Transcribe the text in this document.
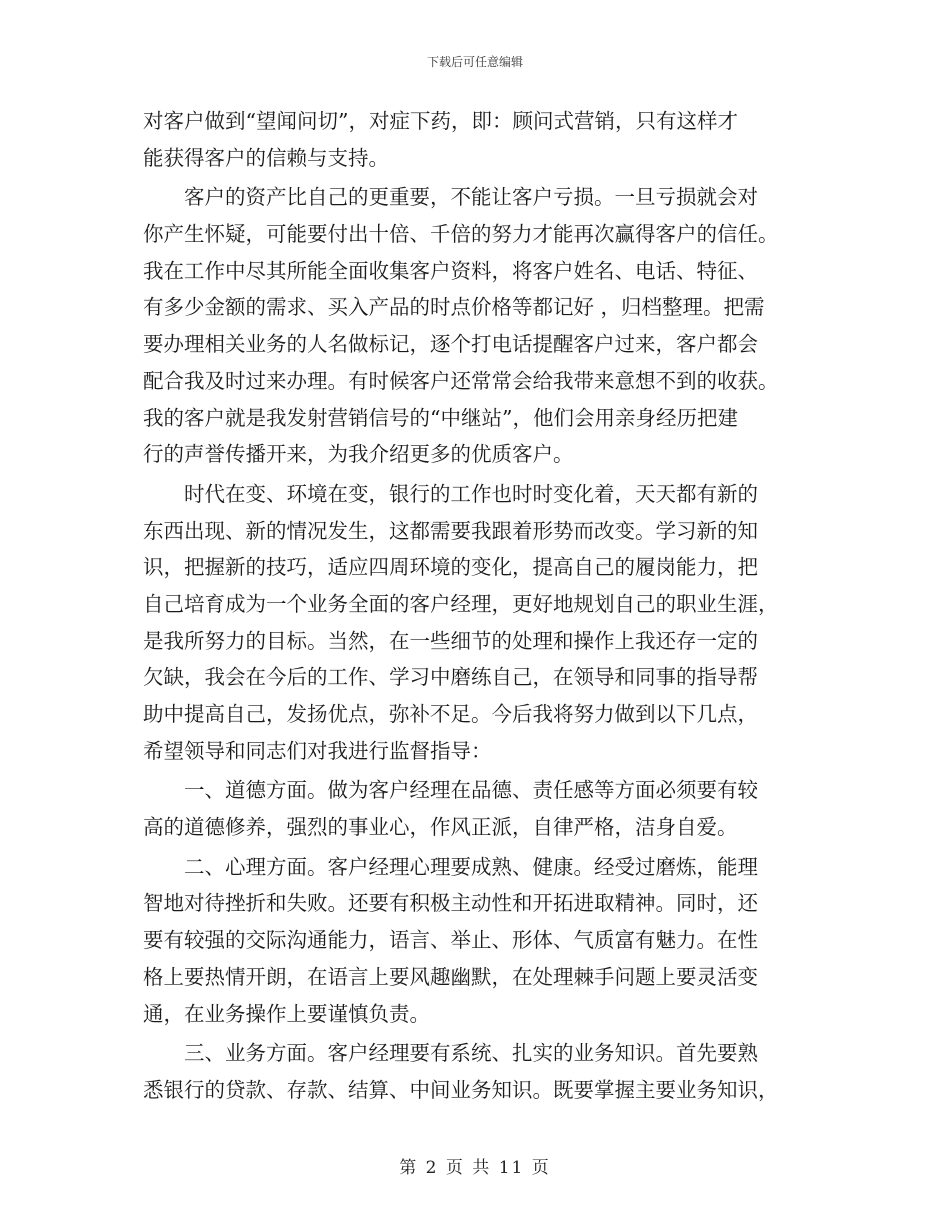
下载后可任意编辑
对客户做到“望闻问切”，对症下药，即：顾问式营销，只有这样才
能获得客户的信赖与支持。
客户的资产比自己的更重要，不能让客户亏损。一旦亏损就会对
你产生怀疑，可能要付出十倍、千倍的努力才能再次赢得客户的信任。
我在工作中尽其所能全面收集客户资料，将客户姓名、电话、特征、
有多少金额的需求、买入产品的时点价格等都记好 ，归档整理。把需
要办理相关业务的人名做标记，逐个打电话提醒客户过来，客户都会
配合我及时过来办理。有时候客户还常常会给我带来意想不到的收获。
我的客户就是我发射营销信号的“中继站”，他们会用亲身经历把建
行的声誉传播开来，为我介绍更多的优质客户。
时代在变、环境在变，银行的工作也时时变化着，天天都有新的
东西出现、新的情况发生，这都需要我跟着形势而改变。学习新的知
识，把握新的技巧，适应四周环境的变化，提高自己的履岗能力，把
自己培育成为一个业务全面的客户经理，更好地规划自己的职业生涯，
是我所努力的目标。当然，在一些细节的处理和操作上我还存一定的
欠缺，我会在今后的工作、学习中磨练自己，在领导和同事的指导帮
助中提高自己，发扬优点，弥补不足。今后我将努力做到以下几点，
希望领导和同志们对我进行监督指导：
一、道德方面。做为客户经理在品德、责任感等方面必须要有较
高的道德修养，强烈的事业心，作风正派，自律严格，洁身自爱。
二、心理方面。客户经理心理要成熟、健康。经受过磨炼，能理
智地对待挫折和失败。还要有积极主动性和开拓进取精神。同时，还
要有较强的交际沟通能力，语言、举止、形体、气质富有魅力。在性
格上要热情开朗，在语言上要风趣幽默，在处理棘手问题上要灵活变
通，在业务操作上要谨慎负责。
三、业务方面。客户经理要有系统、扎实的业务知识。首先要熟
悉银行的贷款、存款、结算、中间业务知识。既要掌握主要业务知识，
第 2 页 共 11 页
